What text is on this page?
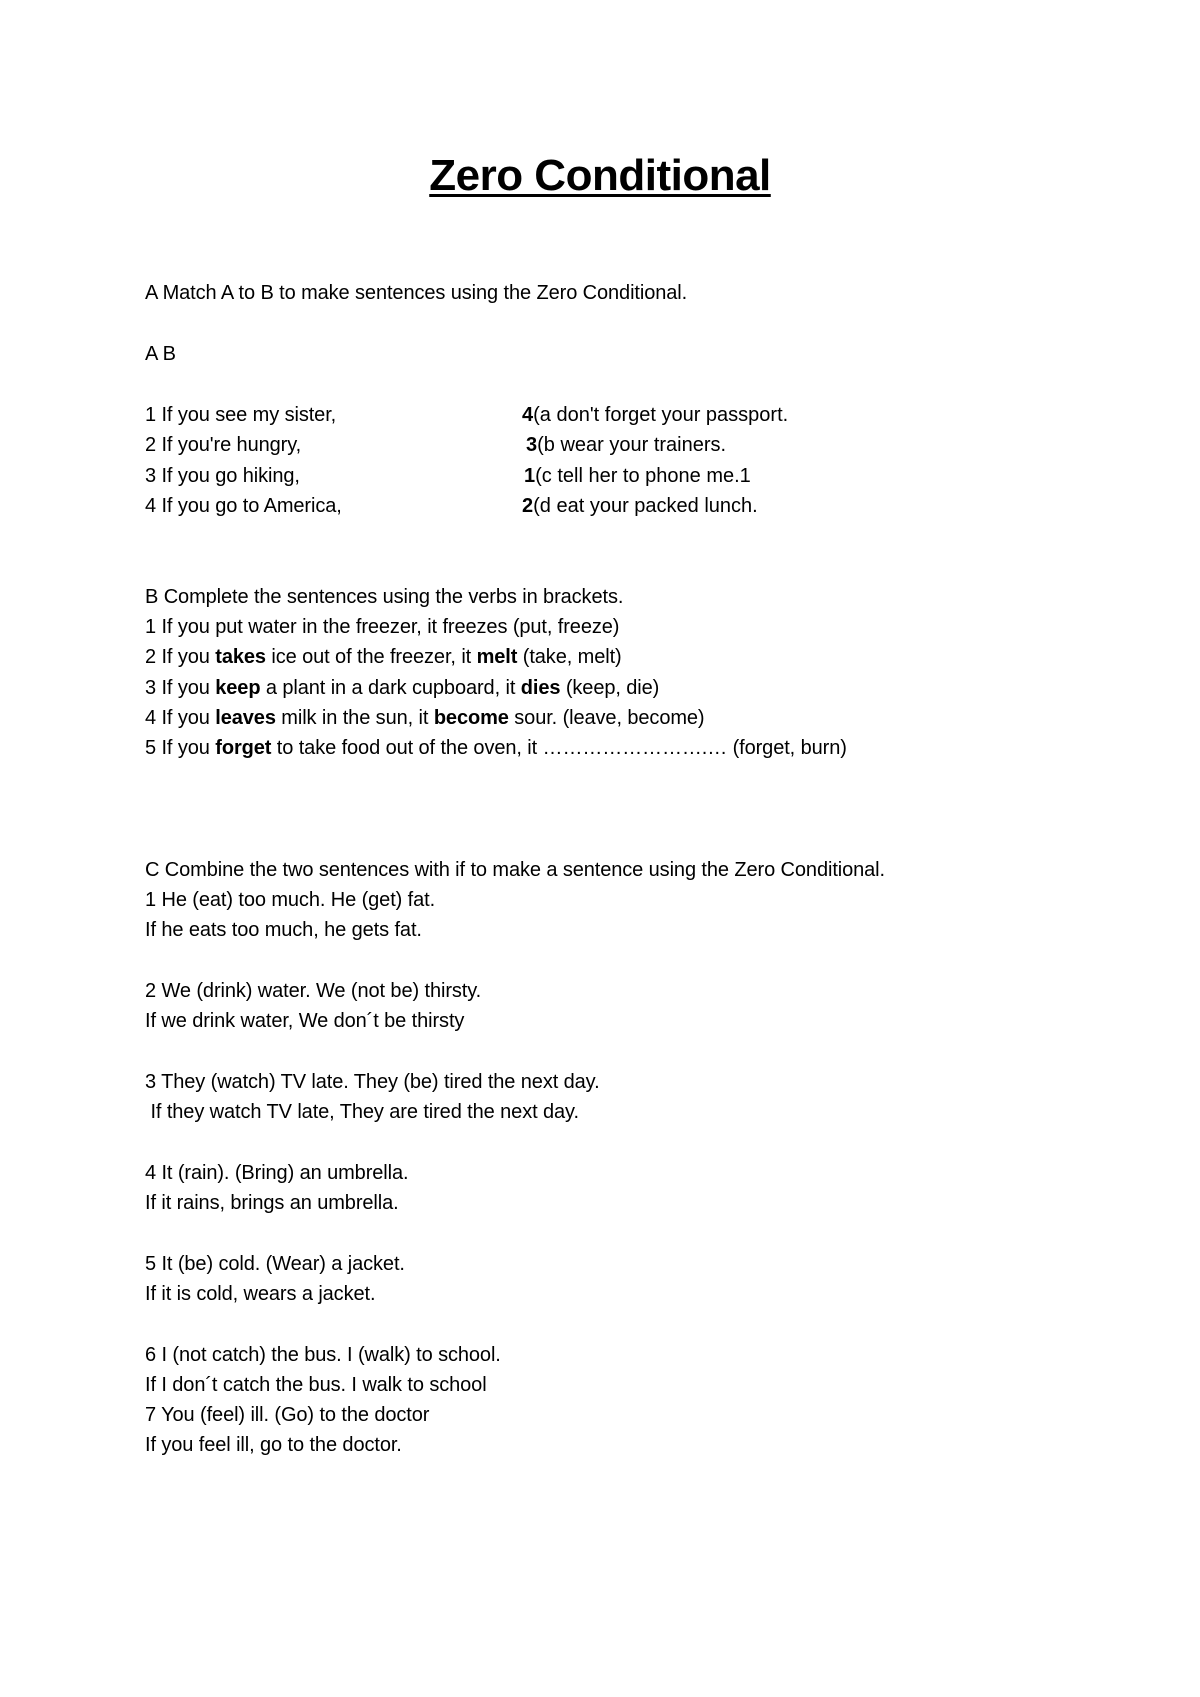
Zero Conditional
A Match A to B to make sentences using the Zero Conditional.
A B
1 If you see my sister,	4(a don't forget your passport.
2 If you're hungry,	3(b wear your trainers.
3 If you go hiking,	1(c tell her to phone me.1
4 If you go to America,	2(d eat your packed lunch.
B Complete the sentences using the verbs in brackets.
1 If you put water in the freezer, it freezes (put, freeze)
2 If you takes ice out of the freezer, it melt (take, melt)
3 If you keep a plant in a dark cupboard, it dies (keep, die)
4 If you leaves milk in the sun, it become sour. (leave, become)
5 If you forget to take food out of the oven, it …………………….… (forget, burn)
C Combine the two sentences with if to make a sentence using the Zero Conditional.
1 He (eat) too much. He (get) fat.
If he eats too much, he gets fat.
2 We (drink) water. We (not be) thirsty.
If we drink water, We don´t be thirsty
3 They (watch) TV late. They (be) tired the next day.
If they watch TV late, They are tired the next day.
4 It (rain). (Bring) an umbrella.
If it rains, brings an umbrella.
5 It (be) cold. (Wear) a jacket.
If it is cold, wears a jacket.
6 I (not catch) the bus. I (walk) to school.
If I don´t catch the bus. I walk to school
7 You (feel) ill. (Go) to the doctor
If you feel ill, go to the doctor.
